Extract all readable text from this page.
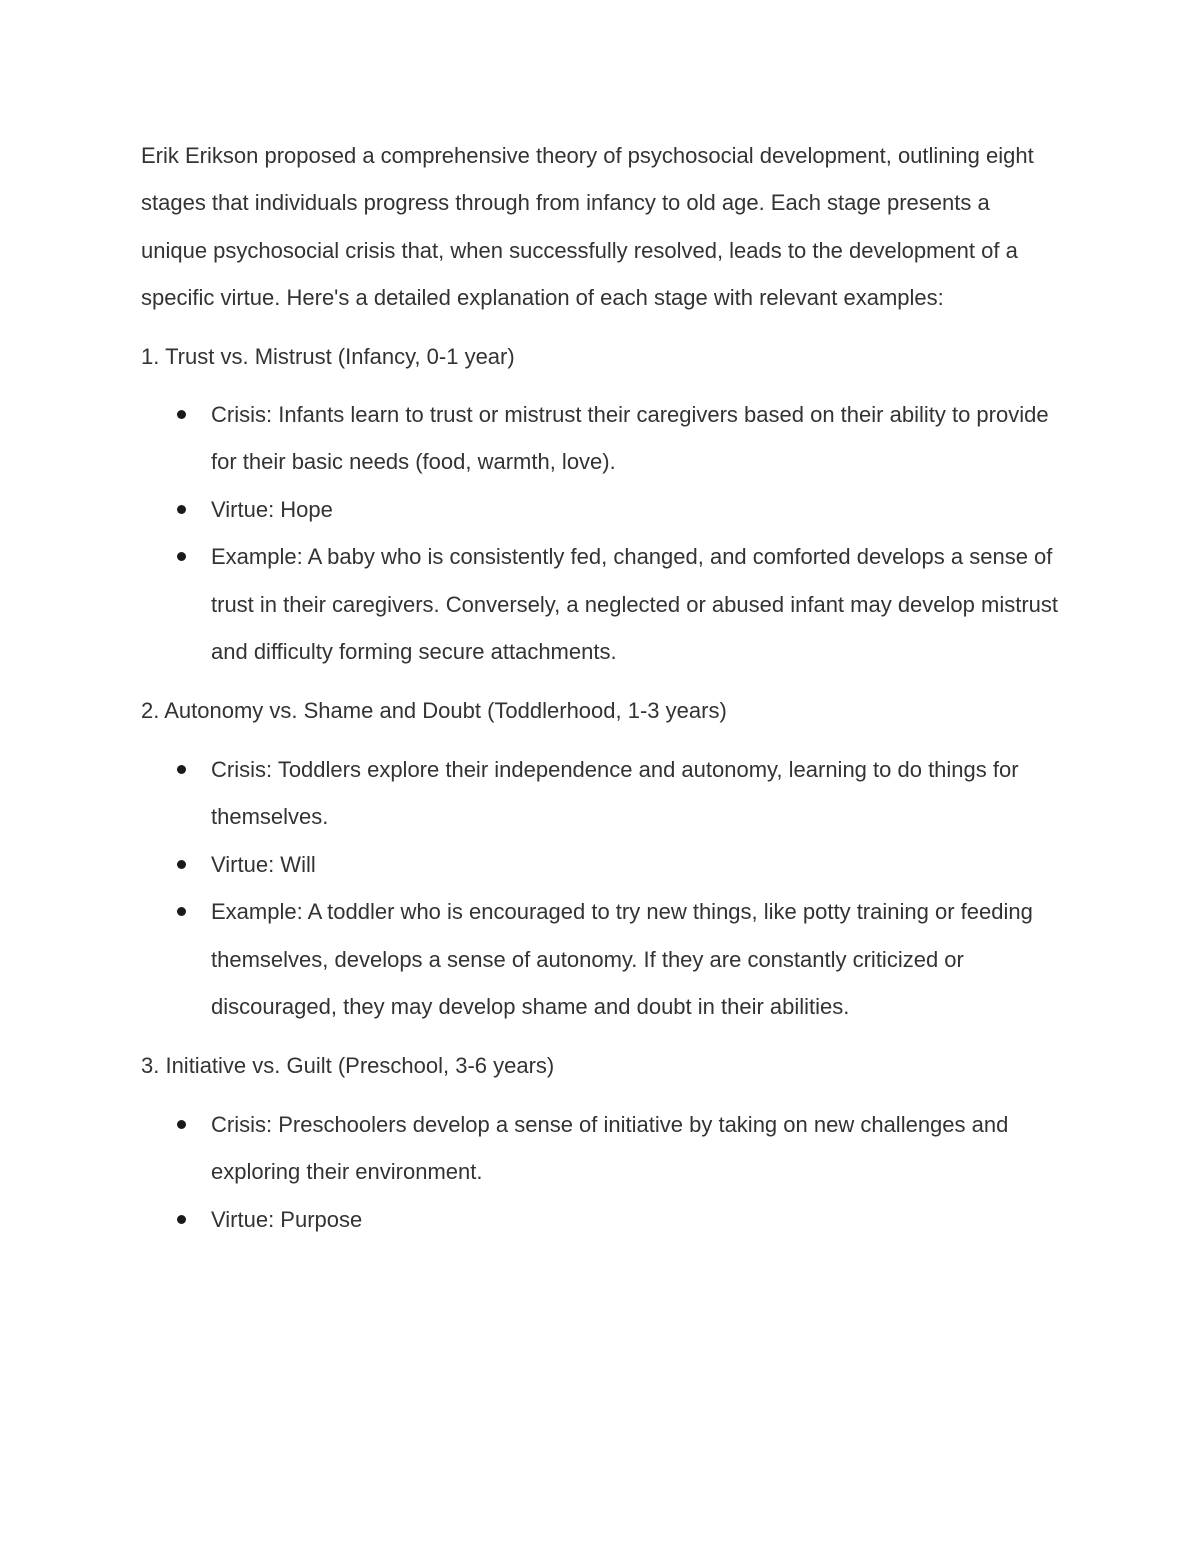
Erik Erikson proposed a comprehensive theory of psychosocial development, outlining eight stages that individuals progress through from infancy to old age. Each stage presents a unique psychosocial crisis that, when successfully resolved, leads to the development of a specific virtue. Here's a detailed explanation of each stage with relevant examples:

1. Trust vs. Mistrust (Infancy, 0-1 year)

Crisis: Infants learn to trust or mistrust their caregivers based on their ability to provide for their basic needs (food, warmth, love).
Virtue: Hope
Example: A baby who is consistently fed, changed, and comforted develops a sense of trust in their caregivers. Conversely, a neglected or abused infant may develop mistrust and difficulty forming secure attachments.

2. Autonomy vs. Shame and Doubt (Toddlerhood, 1-3 years)

Crisis: Toddlers explore their independence and autonomy, learning to do things for themselves.
Virtue: Will
Example: A toddler who is encouraged to try new things, like potty training or feeding themselves, develops a sense of autonomy. If they are constantly criticized or discouraged, they may develop shame and doubt in their abilities.

3. Initiative vs. Guilt (Preschool, 3-6 years)

Crisis: Preschoolers develop a sense of initiative by taking on new challenges and exploring their environment.
Virtue: Purpose
